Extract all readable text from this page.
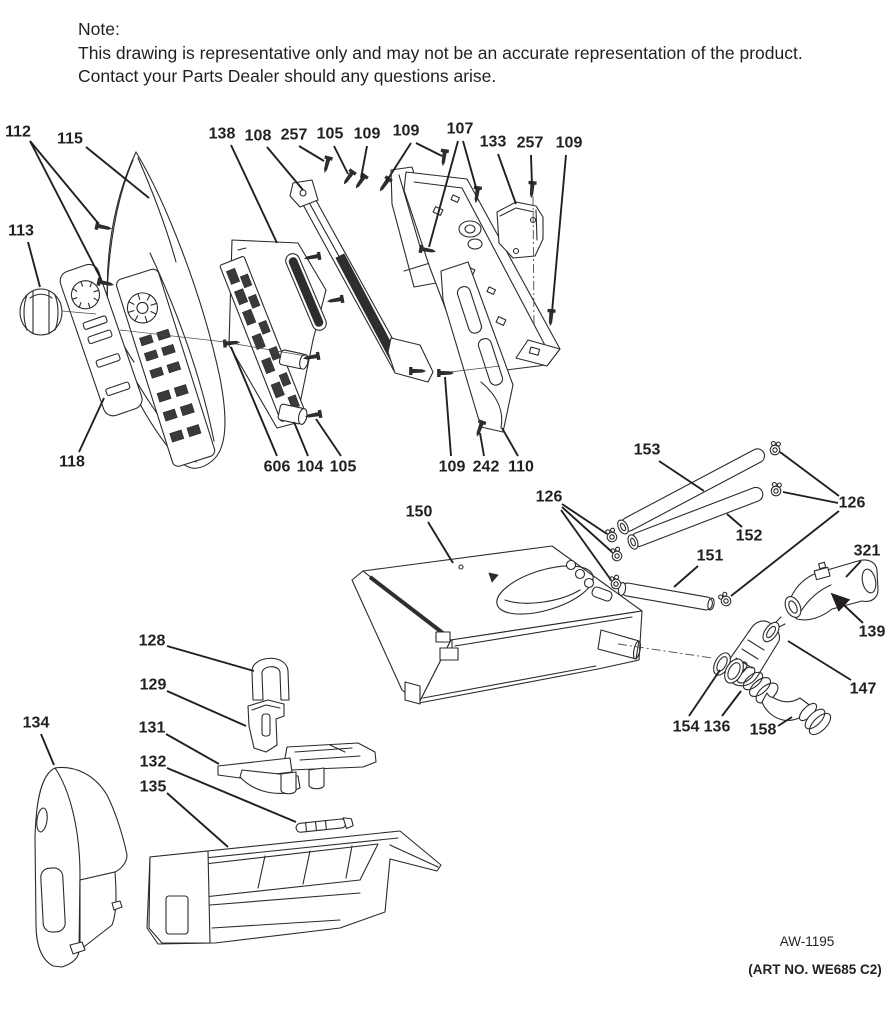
Note:
This drawing is representative only and may not be an accurate representation of the product.
Contact your Parts Dealer should any questions arise.
112 115
113
118
138 108 257 105 109 109 107
133 257 109
606 104 105	109 242 110
150
153
126	126
152
151	321
139
147
154 136 158
128
129
131
132
135
134
AW-1195
(ART NO. WE685 C2)
